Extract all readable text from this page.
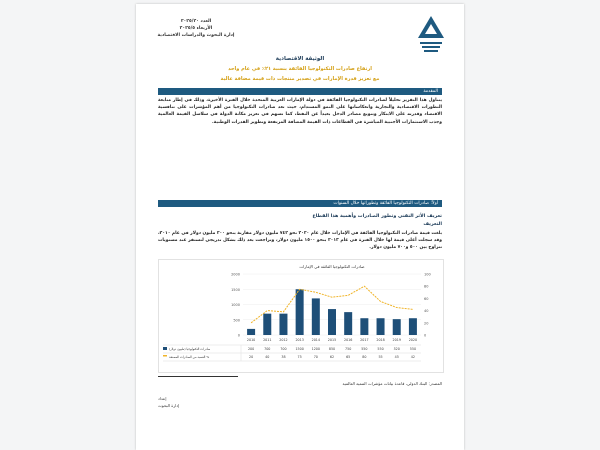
العدد ٢٠٢٥/٢٠
الأربعاء ٢٠٢٥/٥
إدارة البحوث والدراسات الاقتصادية
الوثيقة الاقتصادية
ارتفاع صادرات التكنولوجيا الفائقة بنسبة ٢١٪ في عام واحد
مع تعزيز قدرة الإمارات في تصدير منتجات ذات قيمة مضافة عالية
المقدمة
يتناول هذا التقرير تحليلاً لصادرات التكنولوجيا الفائقة في دولة الإمارات العربية المتحدة خلال الفترة الأخيرة، وذلك في إطار متابعة التطورات الاقتصادية والتجارية وانعكاساتها على النمو المستدام، حيث تعد صادرات التكنولوجيا من أهم المؤشرات على تنافسية الاقتصاد وقدرته على الابتكار وتنويع مصادر الدخل بعيداً عن النفط، كما تسهم في تعزيز مكانة الدولة في سلاسل القيمة العالمية وجذب الاستثمارات الأجنبية المباشرة في القطاعات ذات القيمة المضافة المرتفعة وتطوير القدرات الوطنية.
أولاً: صادرات التكنولوجيا الفائقة وتطوراتها خلال السنوات
تعريف الأثر التقني وتطور الصادرات وأهمية هذا القطاع
التعريف
بلغت قيمة صادرات التكنولوجيا الفائقة في الإمارات خلال عام ٢٠٢٠ نحو ٧٤٢ مليون دولار مقارنة بنحو ٢٠٠ مليون دولار في عام ٢٠١٠، وقد سجلت أعلى قيمة لها خلال الفترة في عام ٢٠١٣ بنحو ١٥٠٠ مليون دولار، وتراجعت بعد ذلك بشكل تدريجي لتستقر عند مستويات تتراوح بين ٥٠٠ و٧٠٠ مليون دولار.
صادرات التكنولوجيا الفائقة في الإمارات
0
500
1000
1500
2000
0
20
40
60
80
100
2010
200
20
2011
700
40
2012
700
38
2013
1500
75
2014
1200
70
2015
850
62
2016
750
65
2017
550
80
2018
550
55
2019
520
45
2020
550
42
صادرات التكنولوجيا (مليون دولار)
النسبة من الصادرات المصنعة %
المصدر: البنك الدولي، قاعدة بيانات مؤشرات التنمية العالمية
إعداد
إدارة البحوث
